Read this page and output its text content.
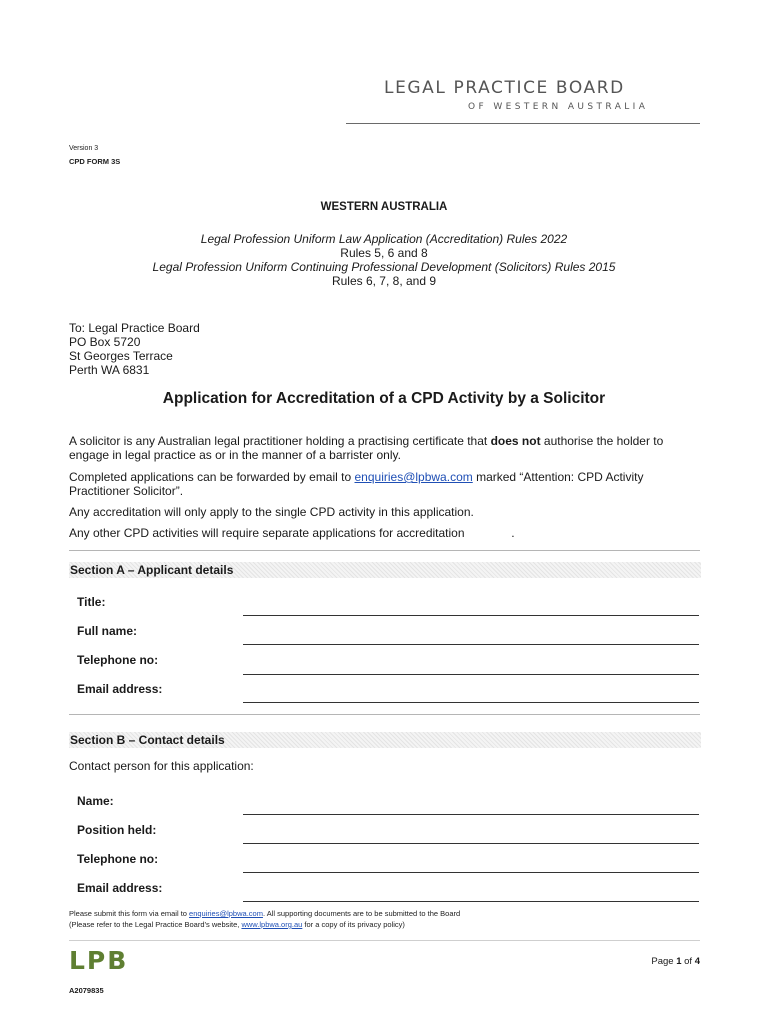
LEGAL PRACTICE BOARD
OF WESTERN AUSTRALIA
Version 3
CPD FORM 3S
WESTERN AUSTRALIA
Legal Profession Uniform Law Application (Accreditation) Rules 2022
Rules 5, 6 and 8
Legal Profession Uniform Continuing Professional Development (Solicitors) Rules 2015
Rules 6, 7, 8, and 9
To: Legal Practice Board
PO Box 5720
St Georges Terrace
Perth WA 6831
Application for Accreditation of a CPD Activity by a Solicitor
A solicitor is any Australian legal practitioner holding a practising certificate that does not authorise the holder to engage in legal practice as or in the manner of a barrister only.
Completed applications can be forwarded by email to enquiries@lpbwa.com marked “Attention: CPD Activity Practitioner Solicitor”.
Any accreditation will only apply to the single CPD activity in this application.
Any other CPD activities will require separate applications for accreditation              .
Section A – Applicant details
Title:
Full name:
Telephone no:
Email address:
Section B – Contact details
Contact person for this application:
Name:
Position held:
Telephone no:
Email address:
Please submit this form via email to enquiries@lpbwa.com. All supporting documents are to be submitted to the Board
(Please refer to the Legal Practice Board’s website, www.lpbwa.org.au for a copy of its privacy policy)
LPB	Page 1 of 4
A2079835
